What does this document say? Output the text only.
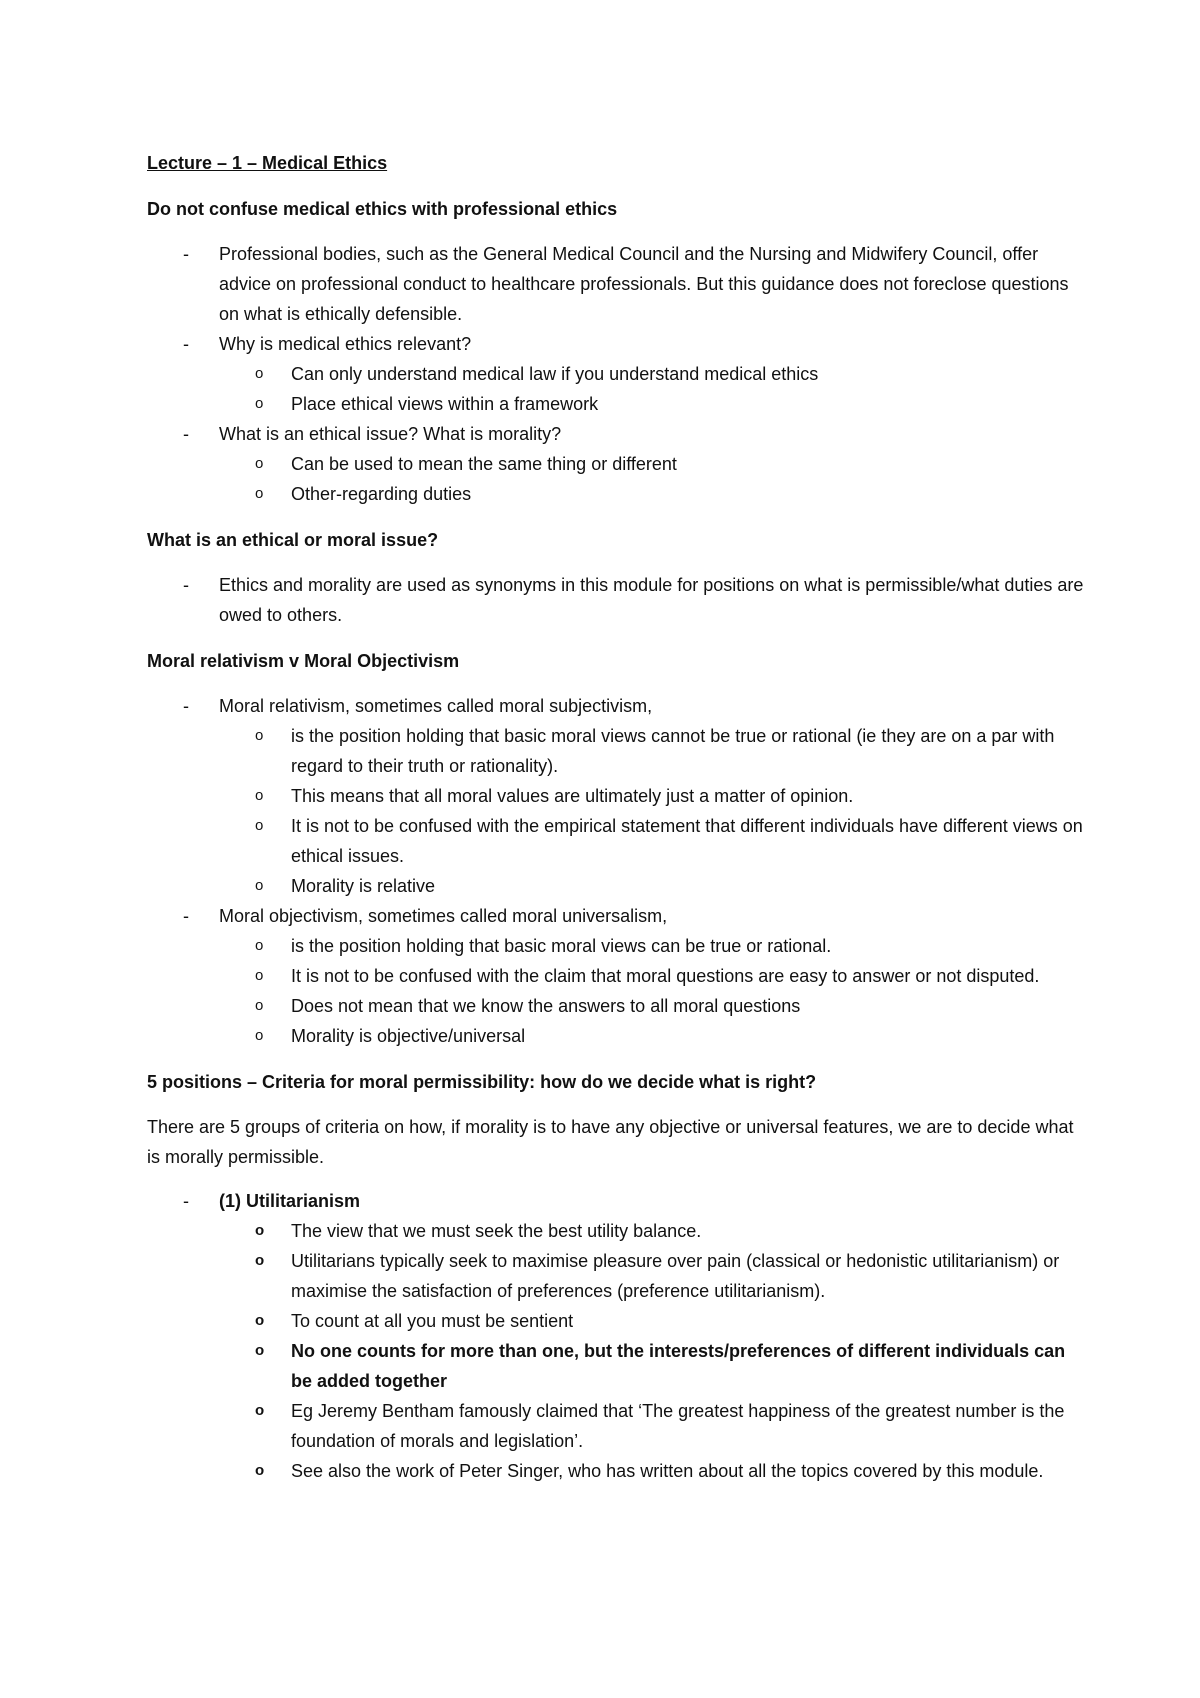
Lecture – 1 – Medical Ethics

Do not confuse medical ethics with professional ethics

-	Professional bodies, such as the General Medical Council and the Nursing and Midwifery Council, offer advice on professional conduct to healthcare professionals. But this guidance does not foreclose questions on what is ethically defensible.
-	Why is medical ethics relevant?
o Can only understand medical law if you understand medical ethics
o Place ethical views within a framework
-	What is an ethical issue? What is morality?
o Can be used to mean the same thing or different
o Other-regarding duties

What is an ethical or moral issue?

-	Ethics and morality are used as synonyms in this module for positions on what is permissible/what duties are owed to others.

Moral relativism v Moral Objectivism

-	Moral relativism, sometimes called moral subjectivism,
o is the position holding that basic moral views cannot be true or rational (ie they are on a par with regard to their truth or rationality).
o This means that all moral values are ultimately just a matter of opinion.
o It is not to be confused with the empirical statement that different individuals have different views on ethical issues.
o Morality is relative
-	Moral objectivism, sometimes called moral universalism,
o is the position holding that basic moral views can be true or rational.
o It is not to be confused with the claim that moral questions are easy to answer or not disputed.
o Does not mean that we know the answers to all moral questions
o Morality is objective/universal

5 positions – Criteria for moral permissibility: how do we decide what is right?

There are 5 groups of criteria on how, if morality is to have any objective or universal features, we are to decide what is morally permissible.

-	(1) Utilitarianism
o The view that we must seek the best utility balance.
o Utilitarians typically seek to maximise pleasure over pain (classical or hedonistic utilitarianism) or maximise the satisfaction of preferences (preference utilitarianism).
o To count at all you must be sentient
o No one counts for more than one, but the interests/preferences of different individuals can be added together
o Eg Jeremy Bentham famously claimed that ‘The greatest happiness of the greatest number is the foundation of morals and legislation’.
o See also the work of Peter Singer, who has written about all the topics covered by this module.
